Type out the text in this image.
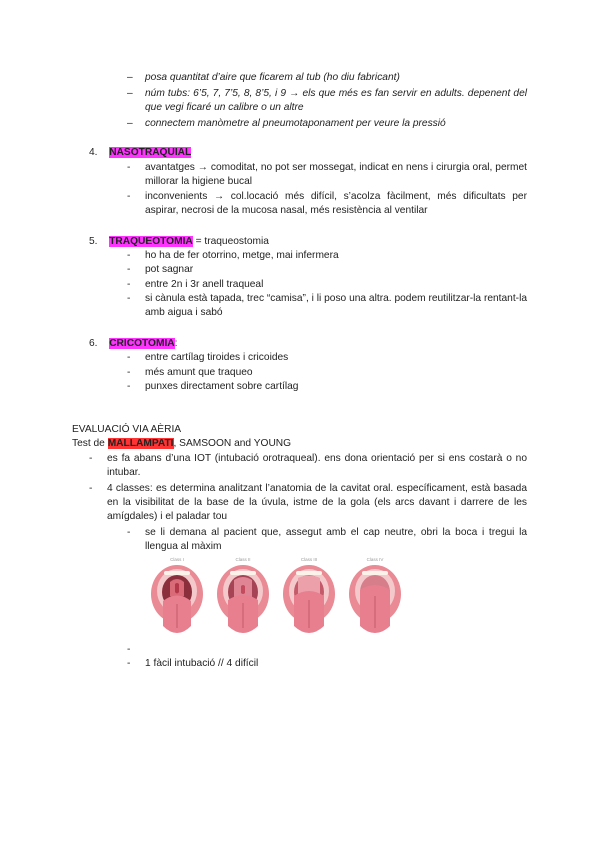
–	posa quantitat d’aire que ficarem al tub (ho diu fabricant)
–	núm tubs: 6’5, 7, 7’5, 8, 8’5, i 9 → els que més es fan servir en adults. depenent del que vegi ficaré un calibre o un altre
–	connectem manòmetre al pneumotaponament per veure la pressió
4. NASOTRAQUIAL
-	avantatges → comoditat, no pot ser mossegat, indicat en nens i cirurgia oral, permet millorar la higiene bucal
-	inconvenients → col.locació més difícil, s’acolza fàcilment, més dificultats per aspirar, necrosi de la mucosa nasal, més resistència al ventilar
5. TRAQUEOTOMIA = traqueostomia
-	ho ha de fer otorrino, metge, mai infermera
-	pot sagnar
-	entre 2n i 3r anell traqueal
-	si cànula està tapada, trec “camisa”, i li poso una altra. podem reutilitzar-la rentant-la amb aigua i sabó
6. CRICOTOMIA:
-	entre cartílag tiroides i cricoides
-	més amunt que traqueo
-	punxes directament sobre cartílag
EVALUACIÓ VIA AÈRIA
Test de MALLAMPATI, SAMSOON and YOUNG
-	es fa abans d’una IOT (intubació orotraqueal). ens dona orientació per si ens costarà o no intubar.
-	4 classes: es determina analitzant l’anatomia de la cavitat oral. específicament, està basada en la visibilitat de la base de la úvula, istme de la gola (els arcs davant i darrere de les amígdales) i el paladar tou
-	se li demana al pacient que, assegut amb el cap neutre, obri la boca i tregui la llengua al màxim
Class I	Class II	Class III	Class IV
-
-	1 fàcil intubació // 4 difícil
